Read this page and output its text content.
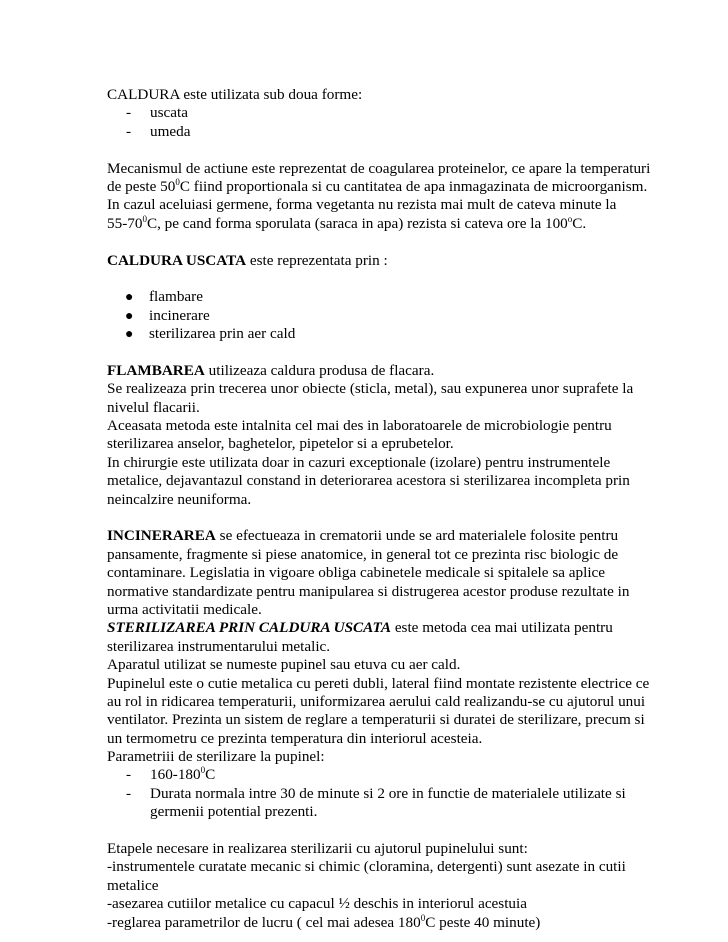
CALDURA este utilizata sub doua forme:
- uscata
- umeda
Mecanismul de actiune este reprezentat de coagularea proteinelor, ce apare la temperaturi
de peste $50^0C$ fiind proportionala si cu cantitatea de apa inmagazinata de microorganism.
In cazul aceluiasi germene, forma vegetanta nu rezista mai mult de cateva minute la
$55-70^0C$, pe cand forma sporulata (saraca in apa) rezista si cateva ore la 100$^o$C.
CALDURA USCATA este reprezentata prin :
● flambare
● incinerare
● sterilizarea prin aer cald
FLAMBAREA utilizeaza caldura produsa de flacara.
Se realizeaza prin trecerea unor obiecte (sticla, metal), sau expunerea unor suprafete la
nivelul flacarii.
Aceasata metoda este intalnita cel mai des in laboratoarele de microbiologie pentru
sterilizarea anselor, baghetelor, pipetelor si a eprubetelor.
In chirurgie este utilizata doar in cazuri exceptionale (izolare) pentru instrumentele
metalice, dejavantazul constand in deteriorarea acestora si sterilizarea incompleta prin
neincalzire neuniforma.
INCINERAREA se efectueaza in crematorii unde se ard materialele folosite pentru
pansamente, fragmente si piese anatomice, in general tot ce prezinta risc biologic de
contaminare. Legislatia in vigoare obliga cabinetele medicale si spitalele sa aplice
normative standardizate pentru manipularea si distrugerea acestor produse rezultate in
urma activitatii medicale.
STERILIZAREA PRIN CALDURA USCATA este metoda cea mai utilizata pentru
sterilizarea instrumentarului metalic.
Aparatul utilizat se numeste pupinel sau etuva cu aer cald.
Pupinelul este o cutie metalica cu pereti dubli, lateral fiind montate rezistente electrice ce
au rol in ridicarea temperaturii, uniformizarea aerului cald realizandu-se cu ajutorul unui
ventilator. Prezinta un sistem de reglare a temperaturii si duratei de sterilizare, precum si
un termometru ce prezinta temperatura din interiorul acesteia.
Parametriii de sterilizare la pupinel:
- $160-180^0C$
- Durata normala intre 30 de minute si 2 ore in functie de materialele utilizate si
germenii potential prezenti.
Etapele necesare in realizarea sterilizarii cu ajutorul pupinelului sunt:
-instrumentele curatate mecanic si chimic (cloramina, detergenti) sunt asezate in cutii
metalice
-asezarea cutiilor metalice cu capacul ½ deschis in interiorul acestuia
-reglarea parametrilor de lucru ( cel mai adesea $180^0C$ peste 40 minute)
